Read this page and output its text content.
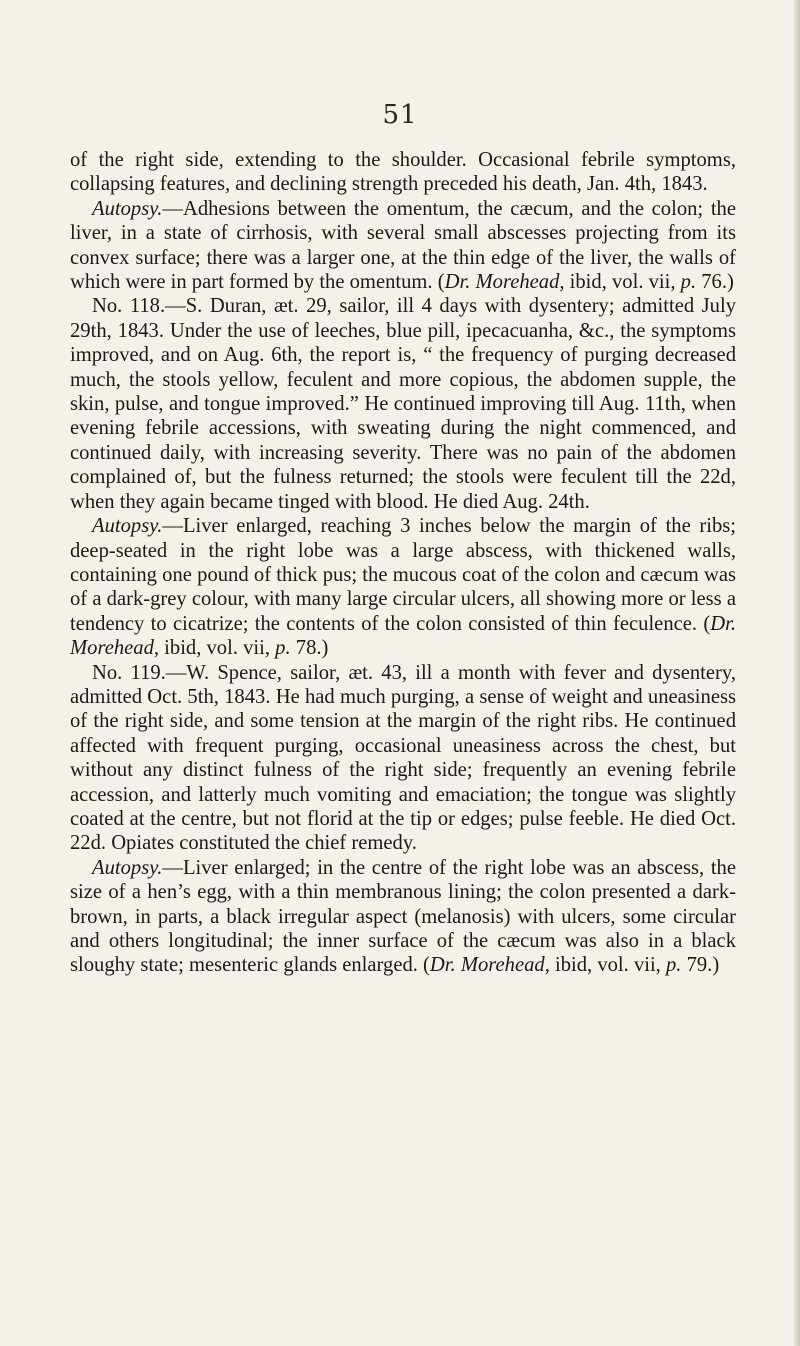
51

of the right side, extending to the shoulder. Occasional febrile symptoms, collapsing features, and declining strength preceded his death, Jan. 4th, 1843.

Autopsy.—Adhesions between the omentum, the cæcum, and the colon; the liver, in a state of cirrhosis, with several small abscesses projecting from its convex surface; there was a larger one, at the thin edge of the liver, the walls of which were in part formed by the omentum. (Dr. Morehead, ibid, vol. vii, p. 76.)

No. 118.—S. Duran, æt. 29, sailor, ill 4 days with dysentery; admitted July 29th, 1843. Under the use of leeches, blue pill, ipecacuanha, &c., the symptoms improved, and on Aug. 6th, the report is, “ the frequency of purging decreased much, the stools yellow, feculent and more copious, the abdomen supple, the skin, pulse, and tongue improved.” He continued improving till Aug. 11th, when evening febrile accessions, with sweating during the night commenced, and continued daily, with increasing severity. There was no pain of the abdomen complained of, but the fulness returned; the stools were feculent till the 22d, when they again became tinged with blood. He died Aug. 24th.

Autopsy.—Liver enlarged, reaching 3 inches below the margin of the ribs; deep-seated in the right lobe was a large abscess, with thickened walls, containing one pound of thick pus; the mucous coat of the colon and cæcum was of a dark-grey colour, with many large circular ulcers, all showing more or less a tendency to cicatrize; the contents of the colon consisted of thin feculence. (Dr. Morehead, ibid, vol. vii, p. 78.)

No. 119.—W. Spence, sailor, æt. 43, ill a month with fever and dysentery, admitted Oct. 5th, 1843. He had much purging, a sense of weight and uneasiness of the right side, and some tension at the margin of the right ribs. He continued affected with frequent purging, occasional uneasiness across the chest, but without any distinct fulness of the right side; frequently an evening febrile accession, and latterly much vomiting and emaciation; the tongue was slightly coated at the centre, but not florid at the tip or edges; pulse feeble. He died Oct. 22d. Opiates constituted the chief remedy.

Autopsy.—Liver enlarged; in the centre of the right lobe was an abscess, the size of a hen’s egg, with a thin membranous lining; the colon presented a dark-brown, in parts, a black irregular aspect (melanosis) with ulcers, some circular and others longitudinal; the inner surface of the cæcum was also in a black sloughy state; mesenteric glands enlarged. (Dr. Morehead, ibid, vol. vii, p. 79.)
